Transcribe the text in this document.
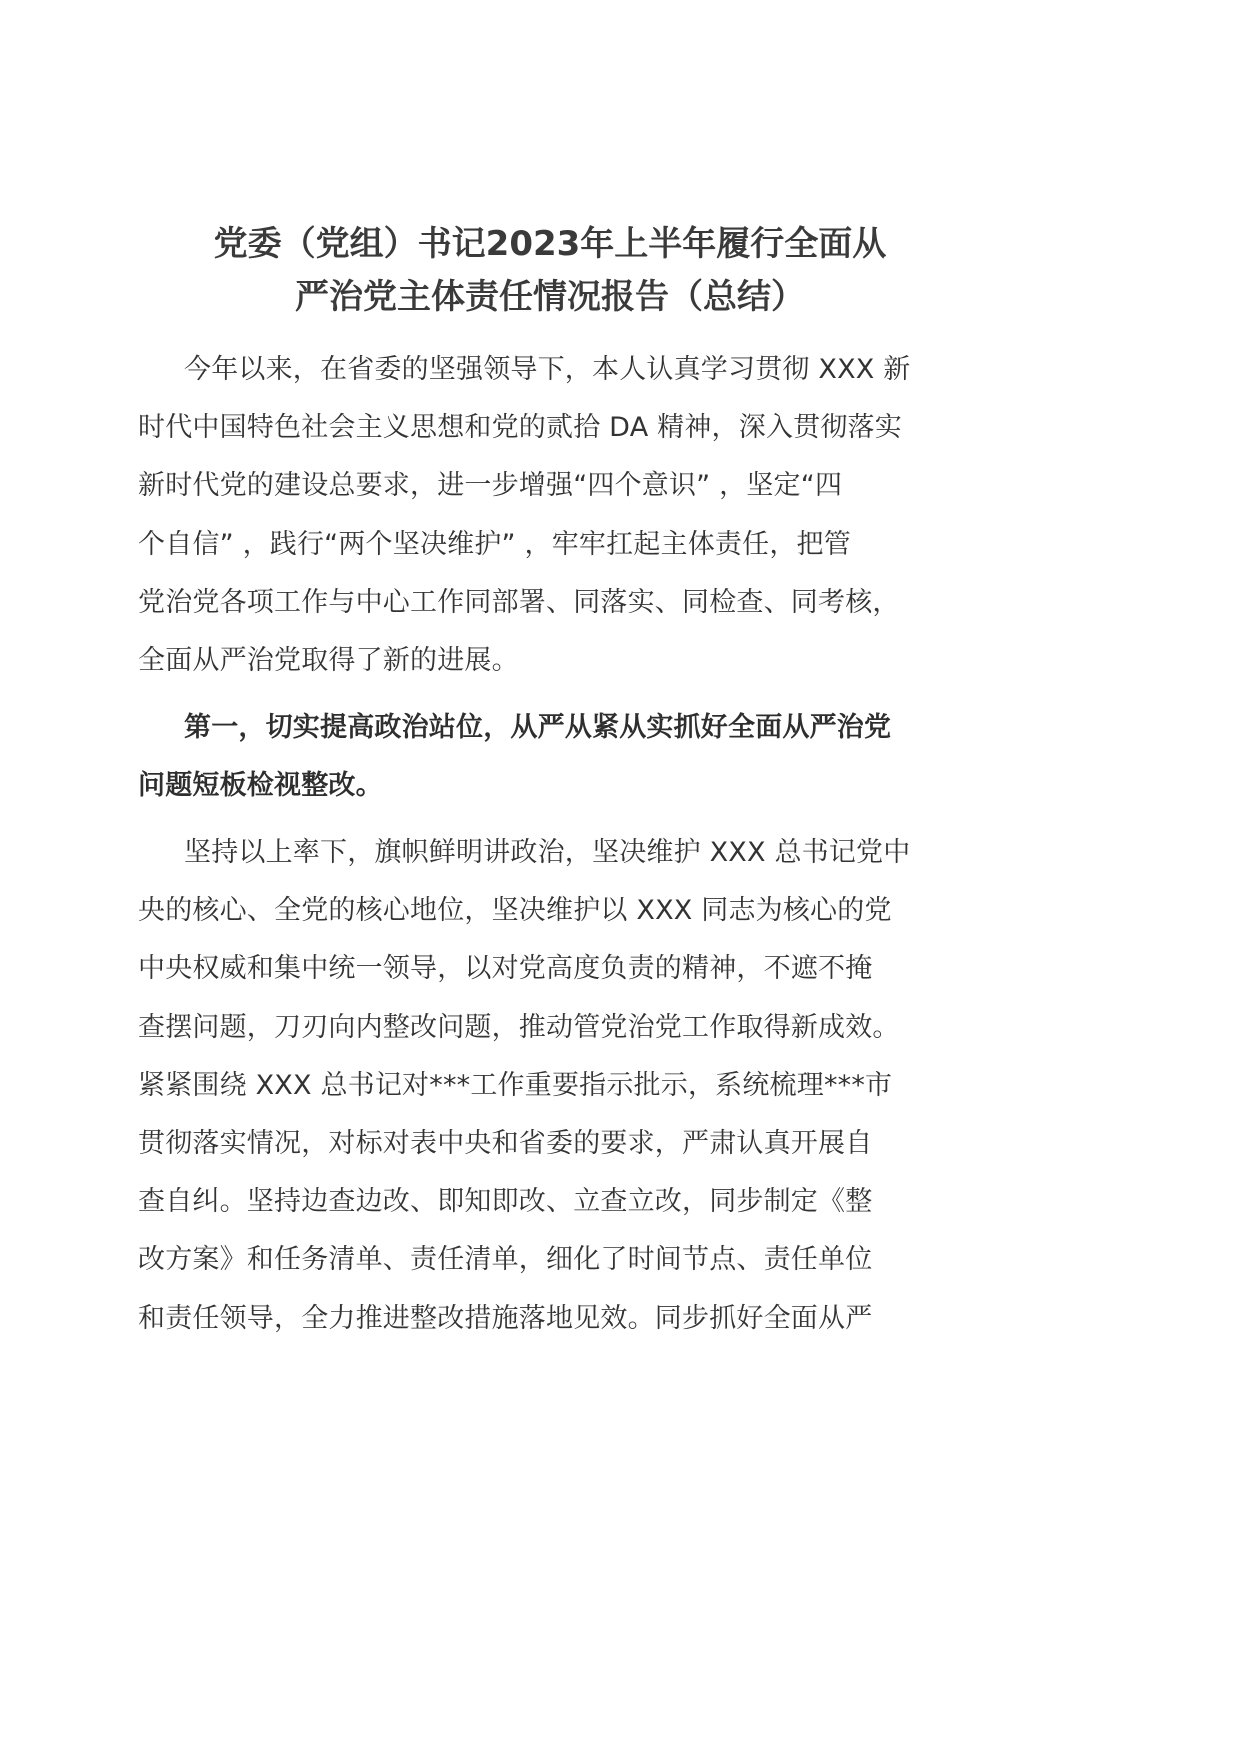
党委（党组）书记2023年上半年履行全面从
严治党主体责任情况报告（总结）

今年以来，在省委的坚强领导下，本人认真学习贯彻 XXX 新
时代中国特色社会主义思想和党的贰拾 DA 精神，深入贯彻落实
新时代党的建设总要求，进一步增强“四个意识” ，坚定“四
个自信” ，践行“两个坚决维护” ，牢牢扛起主体责任，把管
党治党各项工作与中心工作同部署、同落实、同检查、同考核，
全面从严治党取得了新的进展。

第一，切实提高政治站位，从严从紧从实抓好全面从严治党
问题短板检视整改。

坚持以上率下，旗帜鲜明讲政治，坚决维护 XXX 总书记党中
央的核心、全党的核心地位，坚决维护以 XXX 同志为核心的党
中央权威和集中统一领导，以对党高度负责的精神，不遮不掩
查摆问题，刀刃向内整改问题，推动管党治党工作取得新成效。
紧紧围绕 XXX 总书记对***工作重要指示批示，系统梳理***市
贯彻落实情况，对标对表中央和省委的要求，严肃认真开展自
查自纠。坚持边查边改、即知即改、立查立改，同步制定《整
改方案》和任务清单、责任清单，细化了时间节点、责任单位
和责任领导，全力推进整改措施落地见效。同步抓好全面从严
